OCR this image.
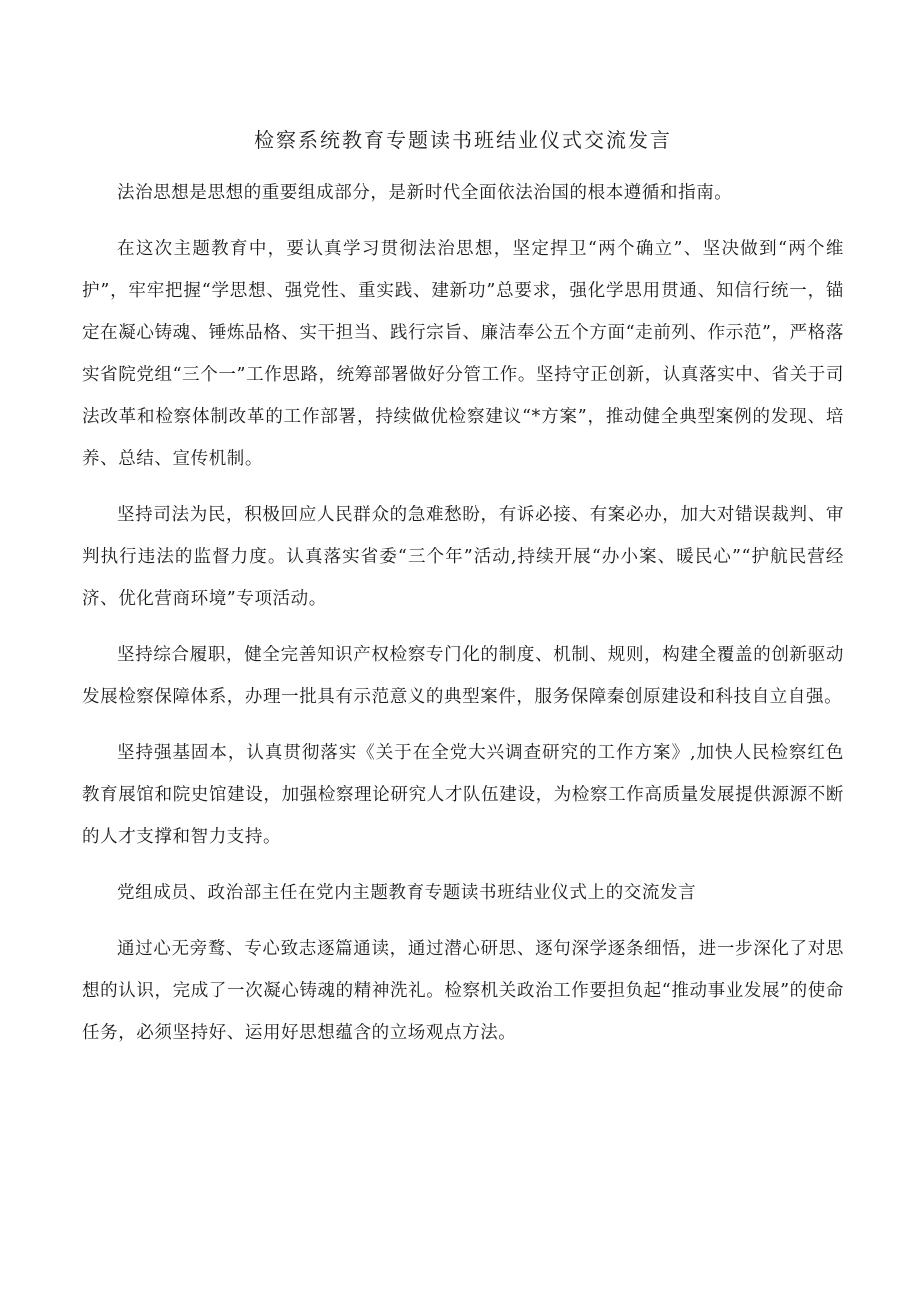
检察系统教育专题读书班结业仪式交流发言

法治思想是思想的重要组成部分，是新时代全面依法治国的根本遵循和指南。

在这次主题教育中，要认真学习贯彻法治思想，坚定捍卫“两个确立”、坚决做到“两个维护”，牢牢把握“学思想、强党性、重实践、建新功”总要求，强化学思用贯通、知信行统一，锚定在凝心铸魂、锤炼品格、实干担当、践行宗旨、廉洁奉公五个方面“走前列、作示范”，严格落实省院党组“三个一”工作思路，统筹部署做好分管工作。坚持守正创新，认真落实中、省关于司法改革和检察体制改革的工作部署，持续做优检察建议“*方案”，推动健全典型案例的发现、培养、总结、宣传机制。

坚持司法为民，积极回应人民群众的急难愁盼，有诉必接、有案必办，加大对错误裁判、审判执行违法的监督力度。认真落实省委“三个年”活动,持续开展“办小案、暖民心”“护航民营经济、优化营商环境”专项活动。

坚持综合履职，健全完善知识产权检察专门化的制度、机制、规则，构建全覆盖的创新驱动发展检察保障体系，办理一批具有示范意义的典型案件，服务保障秦创原建设和科技自立自强。

坚持强基固本，认真贯彻落实《关于在全党大兴调查研究的工作方案》,加快人民检察红色教育展馆和院史馆建设，加强检察理论研究人才队伍建设，为检察工作高质量发展提供源源不断的人才支撑和智力支持。

党组成员、政治部主任在党内主题教育专题读书班结业仪式上的交流发言

通过心无旁鹜、专心致志逐篇通读，通过潜心研思、逐句深学逐条细悟，进一步深化了对思想的认识，完成了一次凝心铸魂的精神洗礼。检察机关政治工作要担负起“推动事业发展”的使命任务，必须坚持好、运用好思想蕴含的立场观点方法。
